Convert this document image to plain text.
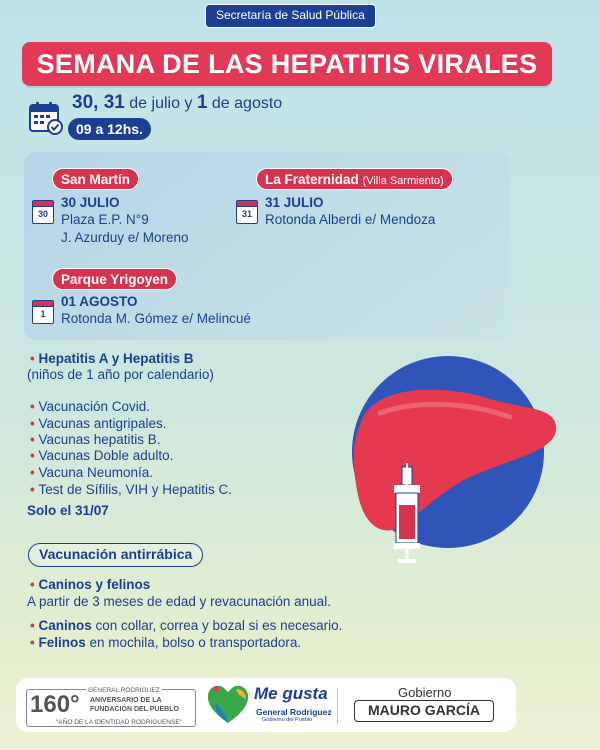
Secretaría de Salud Pública
SEMANA DE LAS HEPATITIS VIRALES
30, 31 de julio y 1 de agosto
09 a 12hs.
San Martín
30
30 JULIO
Plaza E.P. N°9
J. Azurduy e/ Moreno
La Fraternidad (Villa Sarmiento)
31
31 JULIO
Rotonda Alberdi e/ Mendoza
Parque Yrigoyen
1
01 AGOSTO
Rotonda M. Gómez e/ Melincué
• Hepatitis A y Hepatitis B
(niños de 1 año por calendario)
• Vacunación Covid.
• Vacunas antigripales.
• Vacunas hepatitis B.
• Vacunas Doble adulto.
• Vacuna Neumonía.
• Test de Sífilis, VIH y Hepatitis C.
Solo el 31/07
Vacunación antirrábica
• Caninos y felinos
A partir de 3 meses de edad y revacunación anual.
• Caninos con collar, correa y bozal si es necesario.
• Felinos en mochila, bolso o transportadora.
GENERAL RODRÍGUEZ
160° ANIVERSARIO DE LA
FUNDACIÓN DEL PUEBLO
"AÑO DE LA IDENTIDAD RODRIGUENSE"
Me gusta
General Rodríguez
Gobierno del Pueblo
Gobierno
MAURO GARCÍA
